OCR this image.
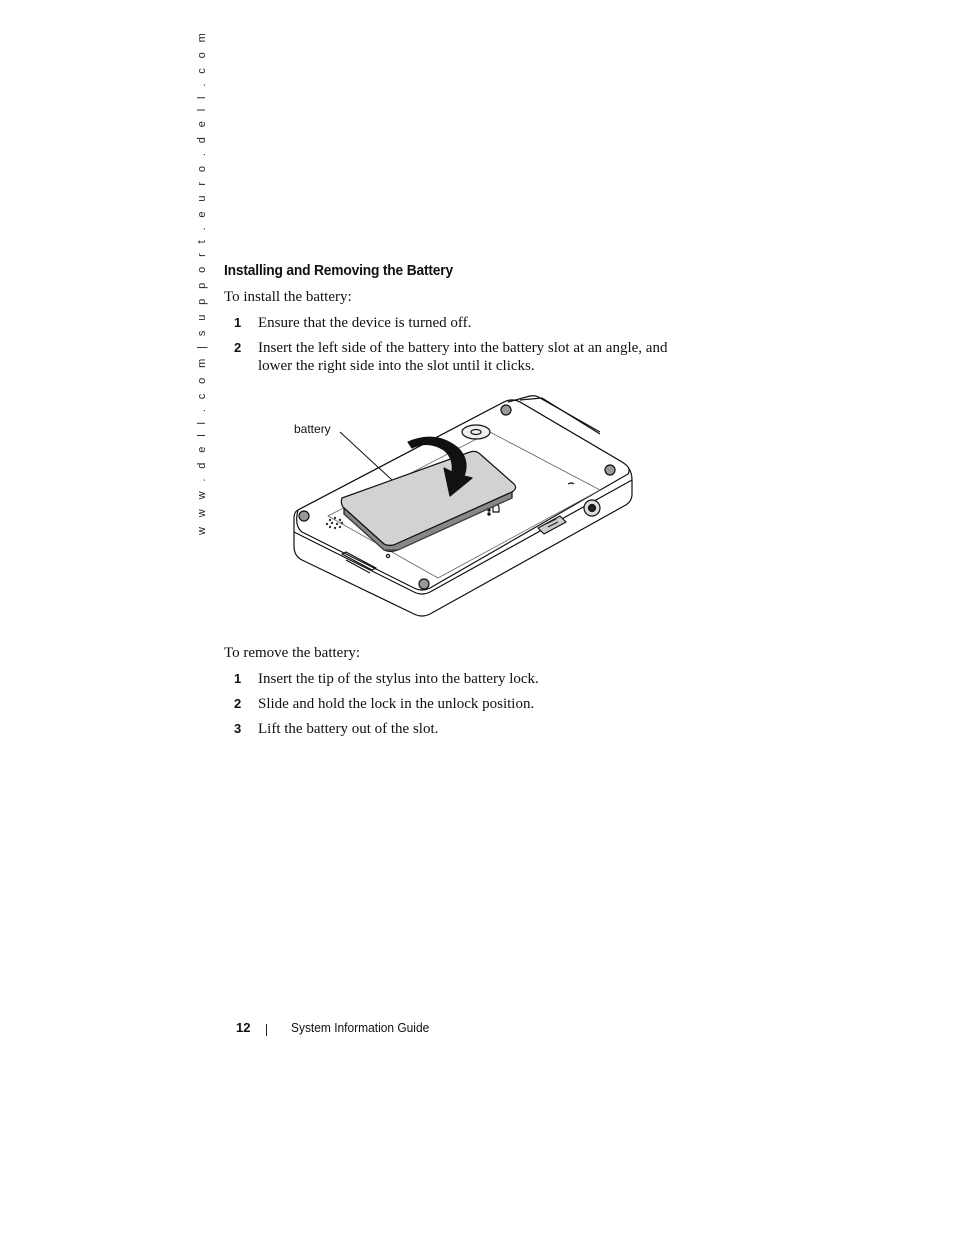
w w w . d e l l . c o m | s u p p o r t . e u r o . d e l l . c o m	Installing and Removing the Battery

To install the battery:

1 Ensure that the device is turned off.
2 Insert the left side of the battery into the battery slot at an angle, and lower the right side into the slot until it clicks.
battery

To remove the battery:

1 Insert the tip of the stylus into the battery lock.
2 Slide and hold the lock in the unlock position.
3 Lift the battery out of the slot.
12	System Information Guide
